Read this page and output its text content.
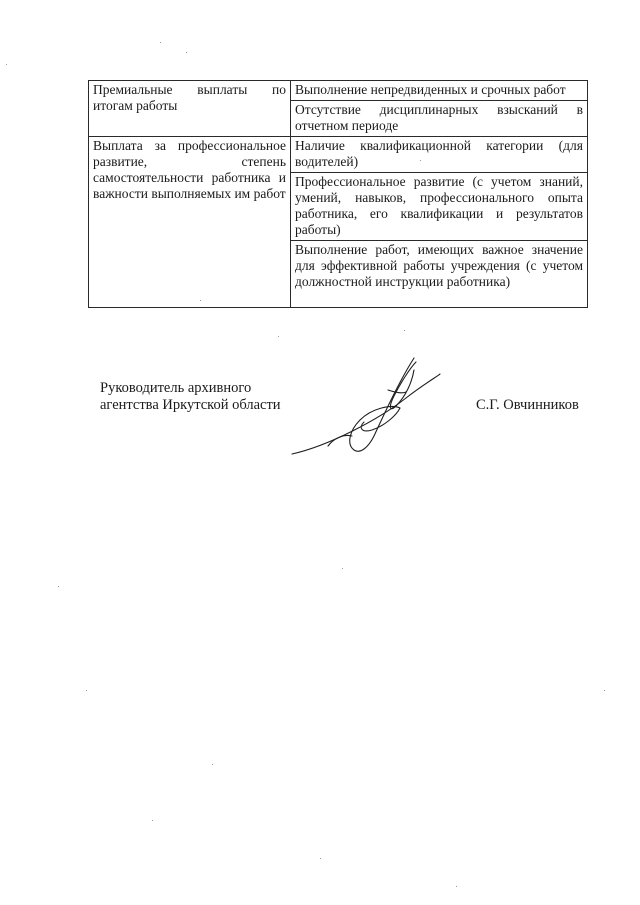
Премиальные выплаты по итогам работы	Выполнение непредвиденных и срочных работ
	Отсутствие дисциплинарных взысканий в отчетном периоде
Выплата за профессиональное развитие, степень самостоятельности работника и важности выполняемых им работ	Наличие квалификационной категории (для водителей)
	Профессиональное развитие (с учетом знаний, умений, навыков, профессионального опыта работника, его квалификации и результатов работы)
	Выполнение работ, имеющих важное значение для эффективной работы учреждения (с учетом должностной инструкции работника)
Руководитель архивного
агентства Иркутской области	С.Г. Овчинников
